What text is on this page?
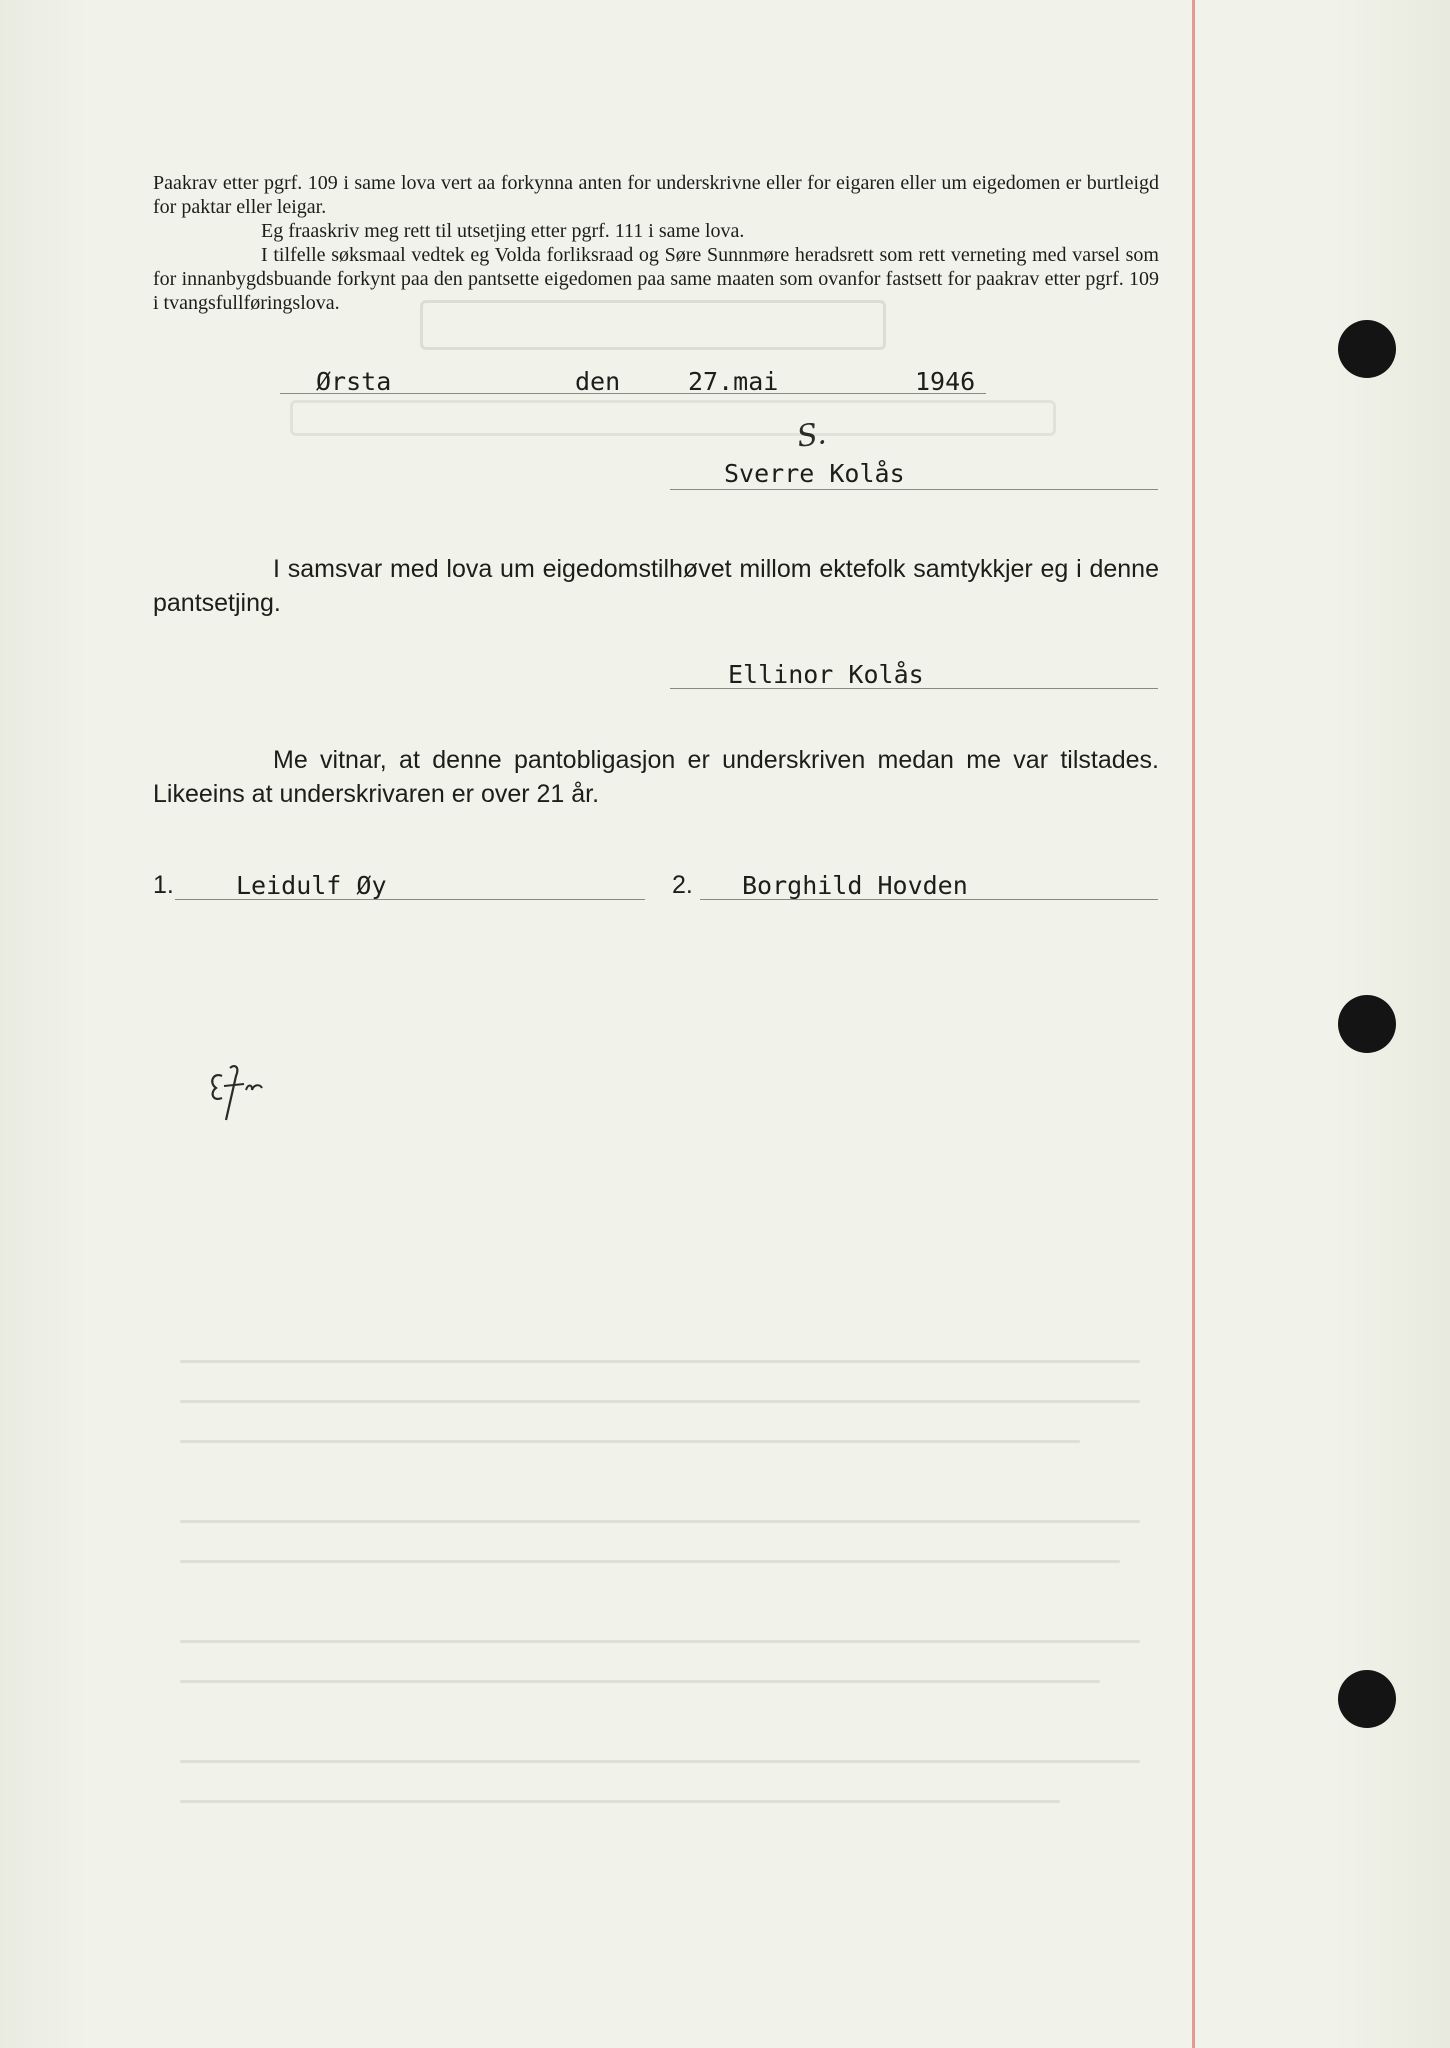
Paakrav etter pgrf. 109 i same lova vert aa forkynna anten for underskrivne eller for eigaren eller um eigedomen er burtleigd for paktar eller leigar.

Eg fraaskriv meg rett til utsetjing etter pgrf. 111 i same lova.

I tilfelle søksmaal vedtek eg Volda forliksraad og Søre Sunnmøre heradsrett som rett verneting med varsel som for innanbygdsbuande forkynt paa den pantsette eigedomen paa same maaten som ovanfor fastsett for paakrav etter pgrf. 109 i tvangsfullføringslova.

Ørsta	den	27.mai	1946
S.
Sverre Kolås

I samsvar med lova um eigedomstilhøvet millom ektefolk samtykkjer eg i denne pantsetjing.

Ellinor Kolås

Me vitnar, at denne pantobligasjon er underskriven medan me var tilstades. Likeeins at underskrivaren er over 21 år.

1. Leidulf Øy	2. Borghild Hovden
